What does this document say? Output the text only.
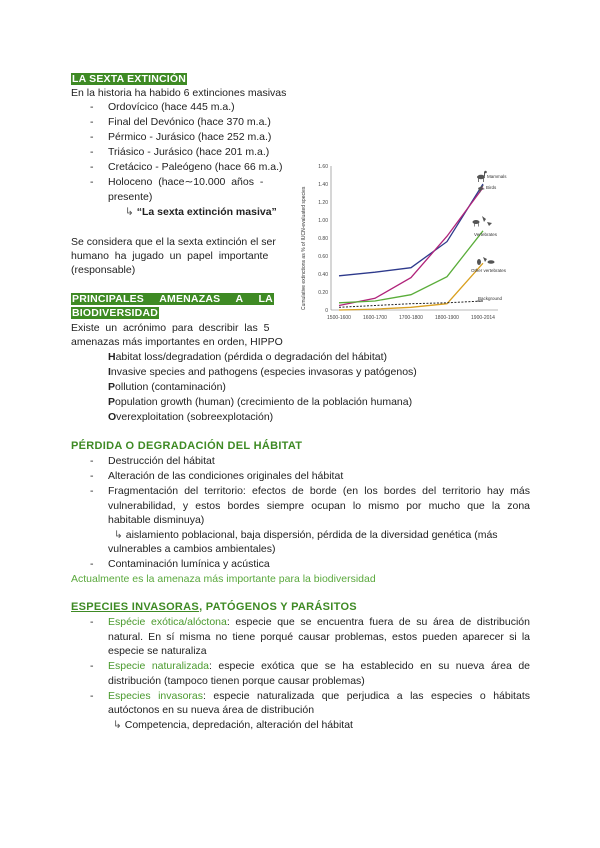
LA SEXTA EXTINCIÓN
En la historia ha habido 6 extinciones masivas
- Ordovícico (hace 445 m.a.)
- Final del Devónico (hace 370 m.a.)
- Pérmico - Jurásico (hace 252 m.a.)
- Triásico - Jurásico (hace 201 m.a.)
- Cretácico - Paleógeno (hace 66 m.a.)
- Holoceno  (hace∼10.000  años  -
presente)
↳ “La sexta extinción masiva”
Se considera que el la sexta extinción el ser
humano  ha  jugado  un  papel  importante
(responsable)
PRINCIPALES     AMENAZAS     A     LA
BIODIVERSIDAD
Existe  un  acrónimo  para  describir  las  5
amenazas más importantes en orden, HIPPO
Habitat loss/degradation (pérdida o degradación del hábitat)
Invasive species and pathogens (especies invasoras y patógenos)
Pollution (contaminación)
Population growth (human) (crecimiento de la población humana)
Overexploitation (sobreexplotación)
PÉRDIDA O DEGRADACIÓN DEL HÁBITAT
- Destrucción del hábitat
- Alteración de las condiciones originales del hábitat
- Fragmentación del territorio: efectos de borde (en los bordes del territorio hay más
vulnerabilidad, y estos bordes siempre ocupan lo mismo por mucho que la zona
habitable disminuya)
↳ aislamiento poblacional, baja dispersión, pérdida de la diversidad genética (más
vulnerables a cambios ambientales)
- Contaminación lumínica y acústica
Actualmente es la amenaza más importante para la biodiversidad
ESPECIES INVASORAS, PATÓGENOS Y PARÁSITOS
- Espécie exótica/alóctona: especie que se encuentra fuera de su área de distribución
natural. En sí misma no tiene porqué causar problemas, estos pueden aparecer si la
especie se naturaliza
- Especie naturalizada: especie exótica que se ha establecido en su nueva área de
distribución (tampoco tienen porque causar problemas)
- Especies invasoras: especie naturalizada que perjudica a las especies o hábitats
autóctonos en su nueva área de distribución
↳ Competencia, depredación, alteración del hábitat
Cumulative extinctions as % of IUCN-evaluated species
0
0.20
0.40
0.60
0.80
1.00
1.20
1.40
1.60
1500-1600 1600-1700 1700-1800 1800-1900 1900-2014
Mammals
Birds
Vertebrates
Other vertebrates
Background
